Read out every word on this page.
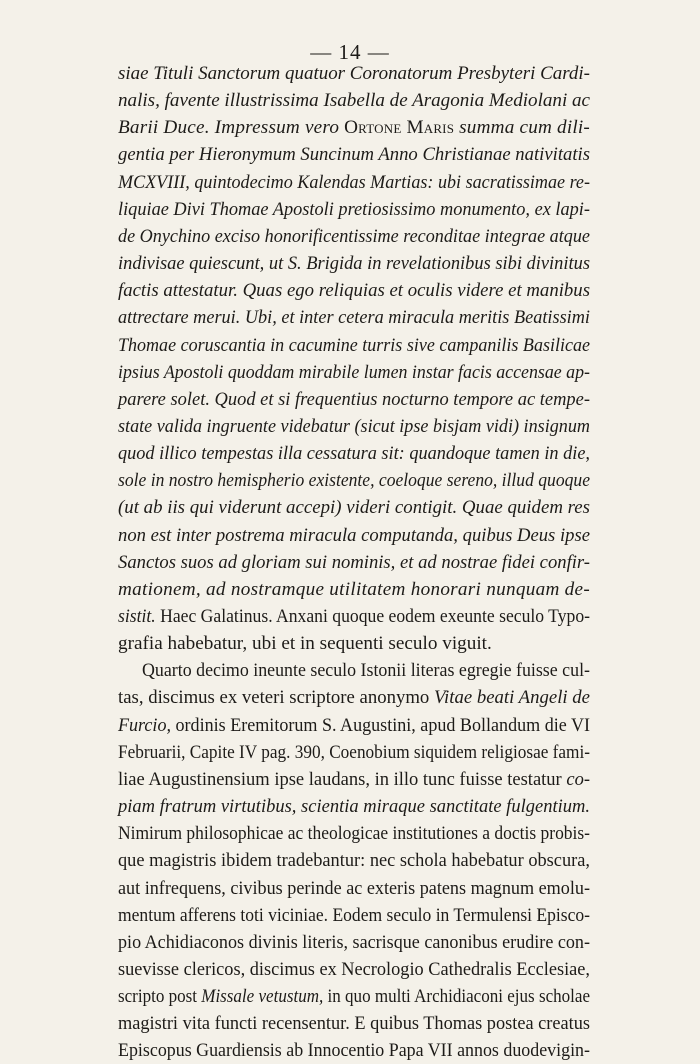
— 14 —
siae Tituli Sanctorum quatuor Coronatorum Presbyteri Cardi-
nalis, favente illustrissima Isabella de Aragonia Mediolani ac
Barii Duce. Impressum vero Ortone Maris summa cum dili-
gentia per Hieronymum Suncinum Anno Christianae nativitatis
MCXVIII, quintodecimo Kalendas Martias: ubi sacratissimae re-
liquiae Divi Thomae Apostoli pretiosissimo monumento, ex lapi-
de Onychino exciso honorificentissime reconditae integrae atque
indivisae quiescunt, ut S. Brigida in revelationibus sibi divinitus
factis attestatur. Quas ego reliquias et oculis videre et manibus
attrectare merui. Ubi, et inter cetera miracula meritis Beatissimi
Thomae coruscantia in cacumine turris sive campanilis Basilicae
ipsius Apostoli quoddam mirabile lumen instar facis accensae ap-
parere solet. Quod et si frequentius nocturno tempore ac tempe-
state valida ingruente videbatur (sicut ipse bisjam vidi) insignum
quod illico tempestas illa cessatura sit: quandoque tamen in die,
sole in nostro hemispherio existente, coeloque sereno, illud quoque
(ut ab iis qui viderunt accepi) videri contigit. Quae quidem res
non est inter postrema miracula computanda, quibus Deus ipse
Sanctos suos ad gloriam sui nominis, et ad nostrae fidei confir-
mationem, ad nostramque utilitatem honorari nunquam de-
sistit. Haec Galatinus. Anxani quoque eodem exeunte seculo Typo-
grafia habebatur, ubi et in sequenti seculo viguit.
Quarto decimo ineunte seculo Istonii literas egregie fuisse cul-
tas, discimus ex veteri scriptore anonymo Vitae beati Angeli de
Furcio, ordinis Eremitorum S. Augustini, apud Bollandum die VI
Februarii, Capite IV pag. 390, Coenobium siquidem religiosae fami-
liae Augustinensium ipse laudans, in illo tunc fuisse testatur co-
piam fratrum virtutibus, scientia miraque sanctitate fulgentium.
Nimirum philosophicae ac theologicae institutiones a doctis probis-
que magistris ibidem tradebantur: nec schola habebatur obscura,
aut infrequens, civibus perinde ac exteris patens magnum emolu-
mentum afferens toti viciniae. Eodem seculo in Termulensi Episco-
pio Achidiaconos divinis literis, sacrisque canonibus erudire con-
suevisse clericos, discimus ex Necrologio Cathedralis Ecclesiae,
scripto post Missale vetustum, in quo multi Archidiaconi ejus scholae
magistri vita functi recensentur. E quibus Thomas postea creatus
Episcopus Guardiensis ab Innocentio Papa VII annos duodevigin-
